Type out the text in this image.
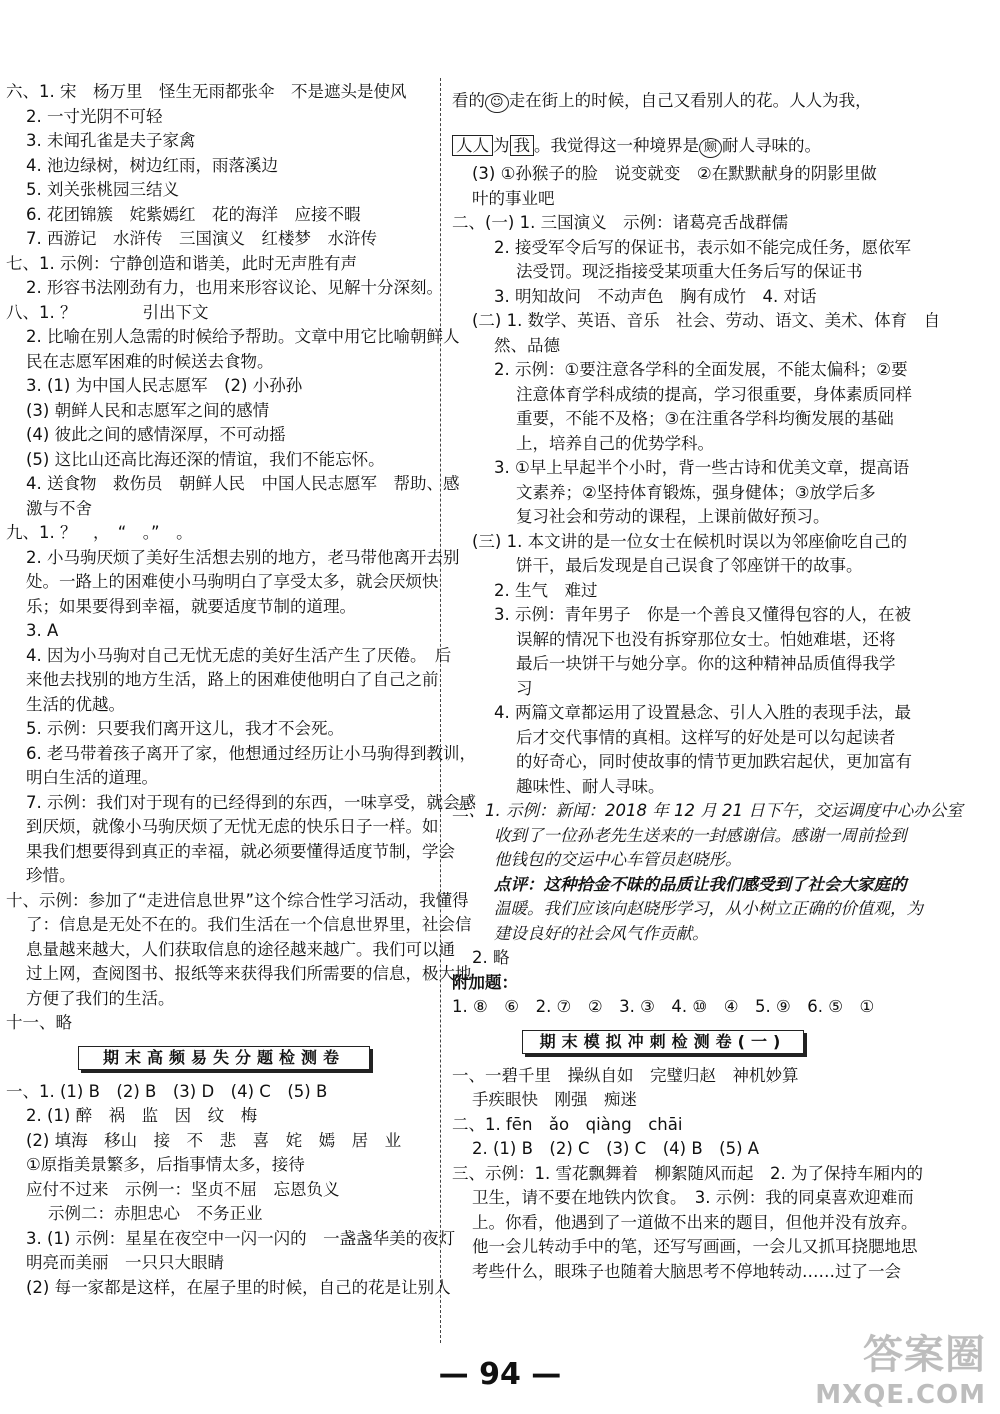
六、1. 宋　杨万里　怪生无雨都张伞　不是遮头是使风
2. 一寸光阴不可轻
3. 未闻孔雀是夫子家禽
4. 池边绿树，树边红雨，雨落溪边
5. 刘关张桃园三结义
6. 花团锦簇　姹紫嫣红　花的海洋　应接不暇
7. 西游记　水浒传　三国演义　红楼梦　水浒传
七、1. 示例：宁静创造和谐美，此时无声胜有声
2. 形容书法刚劲有力，也用来形容议论、见解十分深刻。
八、1. ？　　　　引出下文
2. 比喻在别人急需的时候给予帮助。文章中用它比喻朝鲜人
民在志愿军困难的时候送去食物。
3. (1) 为中国人民志愿军　(2) 小孙孙
(3) 朝鲜人民和志愿军之间的感情
(4) 彼此之间的感情深厚，不可动摇
(5) 这比山还高比海还深的情谊，我们不能忘怀。
4. 送食物　救伤员　朝鲜人民　中国人民志愿军　帮助、感
激与不舍
九、1. ？　，　“　。”　。
2. 小马驹厌烦了美好生活想去别的地方，老马带他离开去别
处。一路上的困难使小马驹明白了享受太多，就会厌烦快
乐；如果要得到幸福，就要适度节制的道理。
3. A
4. 因为小马驹对自己无忧无虑的美好生活产生了厌倦。　后
来他去找别的地方生活，路上的困难使他明白了自己之前
生活的优越。
5. 示例：只要我们离开这儿，我才不会死。
6. 老马带着孩子离开了家，他想通过经历让小马驹得到教训，
明白生活的道理。
7. 示例：我们对于现有的已经得到的东西，一味享受，就会感
到厌烦，就像小马驹厌烦了无忧无虑的快乐日子一样。如
果我们想要得到真正的幸福，就必须要懂得适度节制，学会
珍惜。
十、示例：参加了“走进信息世界”这个综合性学习活动，我懂得
了：信息是无处不在的。我们生活在一个信息世界里，社会信
息量越来越大，人们获取信息的途径越来越广。我们可以通
过上网，查阅图书、报纸等来获得我们所需要的信息，极大地
方便了我们的生活。
十一、略
期末高频易失分题检测卷
一、1. (1) B　(2) B　(3) D　(4) C　(5) B
2. (1) 醉　祸　监　因　纹　梅
(2) 填海　移山　接　不　悲　喜　姹　嫣　居　业
①原指美景繁多，后指事情太多，接待
应付不过来　示例一：坚贞不屈　忘恩负义
示例二：赤胆忠心　不务正业
3. (1) 示例：星星在夜空中一闪一闪的　一盏盏华美的夜灯
明亮而美丽　一只只大眼睛
(2) 每一家都是这样，在屋子里的时候，自己的花是让别人
看的 ☺ 走在街上的时候，自己又看别人的花。人人为我，
人人 为 我 。我觉得这一种境界是 颇 耐人寻味的。
(3) ①孙猴子的脸　说变就变　②在默默献身的阴影里做
叶的事业吧
二、(一) 1. 三国演义　示例：诸葛亮舌战群儒
2. 接受军令后写的保证书，表示如不能完成任务，愿依军
法受罚。现泛指接受某项重大任务后写的保证书
3. 明知故问　不动声色　胸有成竹　4. 对话
(二) 1. 数学、英语、音乐　社会、劳动、语文、美术、体育　自
然、品德
2. 示例：①要注意各学科的全面发展，不能太偏科；②要
注意体育学科成绩的提高，学习很重要，身体素质同样
重要，不能不及格；③在注重各学科均衡发展的基础
上，培养自己的优势学科。
3. ①早上早起半个小时，背一些古诗和优美文章，提高语
文素养；②坚持体育锻炼，强身健体；③放学后多
复习社会和劳动的课程，上课前做好预习。
(三) 1. 本文讲的是一位女士在候机时误以为邻座偷吃自己的
饼干，最后发现是自己误食了邻座饼干的故事。
2. 生气　难过
3. 示例：青年男子　你是一个善良又懂得包容的人，在被
误解的情况下也没有拆穿那位女士。怕她难堪，还将
最后一块饼干与她分享。你的这种精神品质值得我学
习
4. 两篇文章都运用了设置悬念、引人入胜的表现手法，最
后才交代事情的真相。这样写的好处是可以勾起读者
的好奇心，同时使故事的情节更加跌宕起伏，更加富有
趣味性、耐人寻味。
三、1. 示例：新闻：2018 年 12 月 21 日下午，交运调度中心办公室
收到了一位孙老先生送来的一封感谢信。感谢一周前捡到
他钱包的交运中心车管员赵晓彤。
点评：这种拾金不昧的品质让我们感受到了社会大家庭的
温暖。我们应该向赵晓彤学习，从小树立正确的价值观，为
建设良好的社会风气作贡献。
2. 略
附加题：
1. ⑧　⑥　2. ⑦　②　3. ③　4. ⑩　④　5. ⑨　6. ⑤　①
期末模拟冲刺检测卷(一)
一、一碧千里　操纵自如　完璧归赵　神机妙算
手疾眼快　刚强　痴迷
二、1. fēn　ǎo　qiàng　chāi
2. (1) B　(2) C　(3) C　(4) B　(5) A
三、示例：1. 雪花飘舞着　柳絮随风而起　2. 为了保持车厢内的
卫生，请不要在地铁内饮食。　3. 示例：我的同桌喜欢迎难而
上。你看，他遇到了一道做不出来的题目，但他并没有放弃。
他一会儿转动手中的笔，还写写画画，一会儿又抓耳挠腮地思
考些什么，眼珠子也随着大脑思考不停地转动……过了一会
— 94 —	答案圈
MXQE.COM
